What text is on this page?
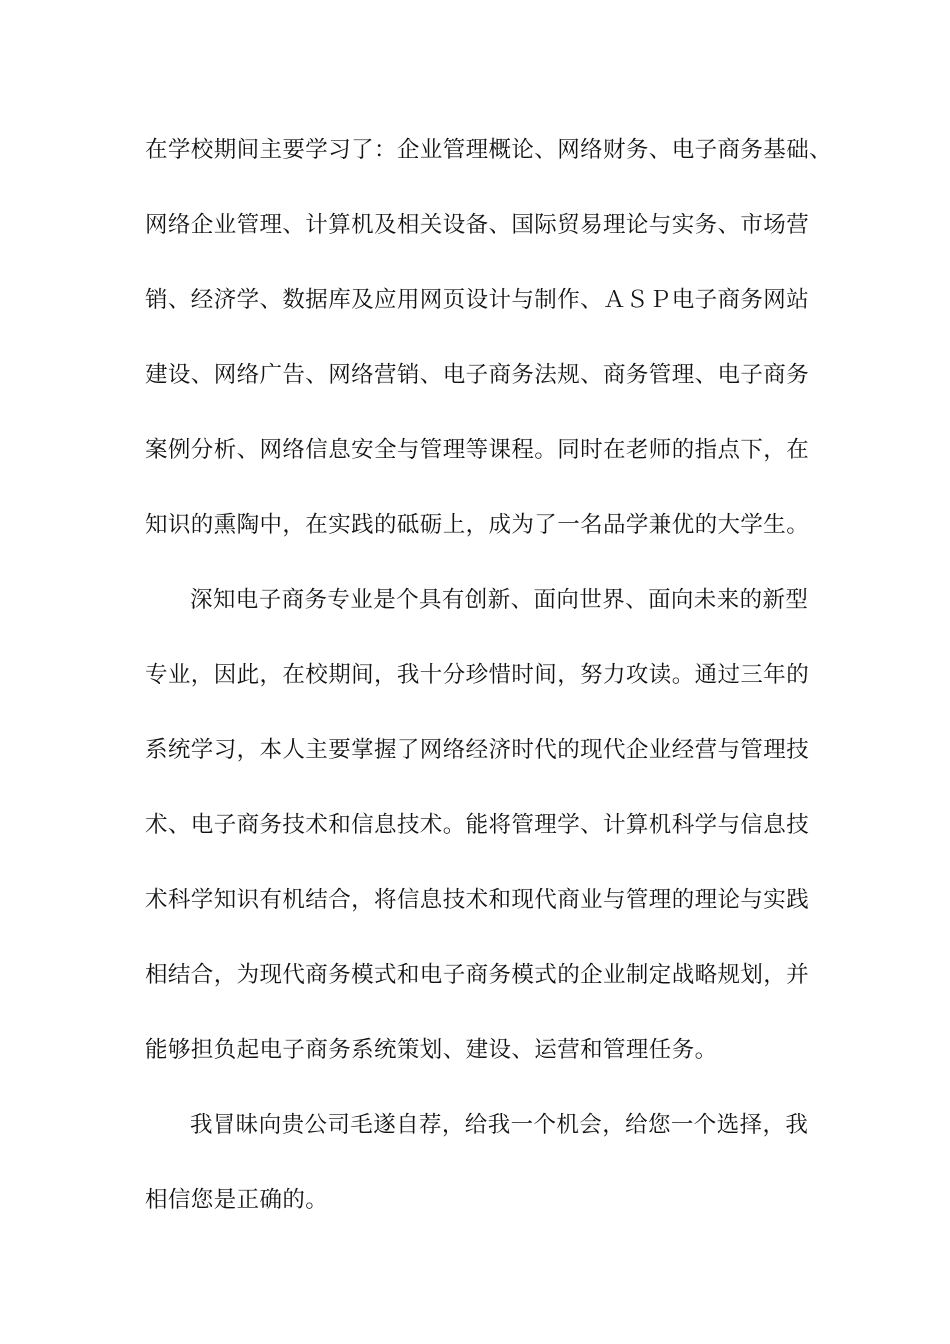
在学校期间主要学习了：企业管理概论、网络财务、电子商务基础、
网络企业管理、计算机及相关设备、国际贸易理论与实务、市场营
销、经济学、数据库及应用网页设计与制作、ＡＳＰ电子商务网站
建设、网络广告、网络营销、电子商务法规、商务管理、电子商务
案例分析、网络信息安全与管理等课程。同时在老师的指点下，在
知识的熏陶中，在实践的砥砺上，成为了一名品学兼优的大学生。
深知电子商务专业是个具有创新、面向世界、面向未来的新型
专业，因此，在校期间，我十分珍惜时间，努力攻读。通过三年的
系统学习，本人主要掌握了网络经济时代的现代企业经营与管理技
术、电子商务技术和信息技术。能将管理学、计算机科学与信息技
术科学知识有机结合，将信息技术和现代商业与管理的理论与实践
相结合，为现代商务模式和电子商务模式的企业制定战略规划，并
能够担负起电子商务系统策划、建设、运营和管理任务。
我冒昧向贵公司毛遂自荐，给我一个机会，给您一个选择，我
相信您是正确的。
